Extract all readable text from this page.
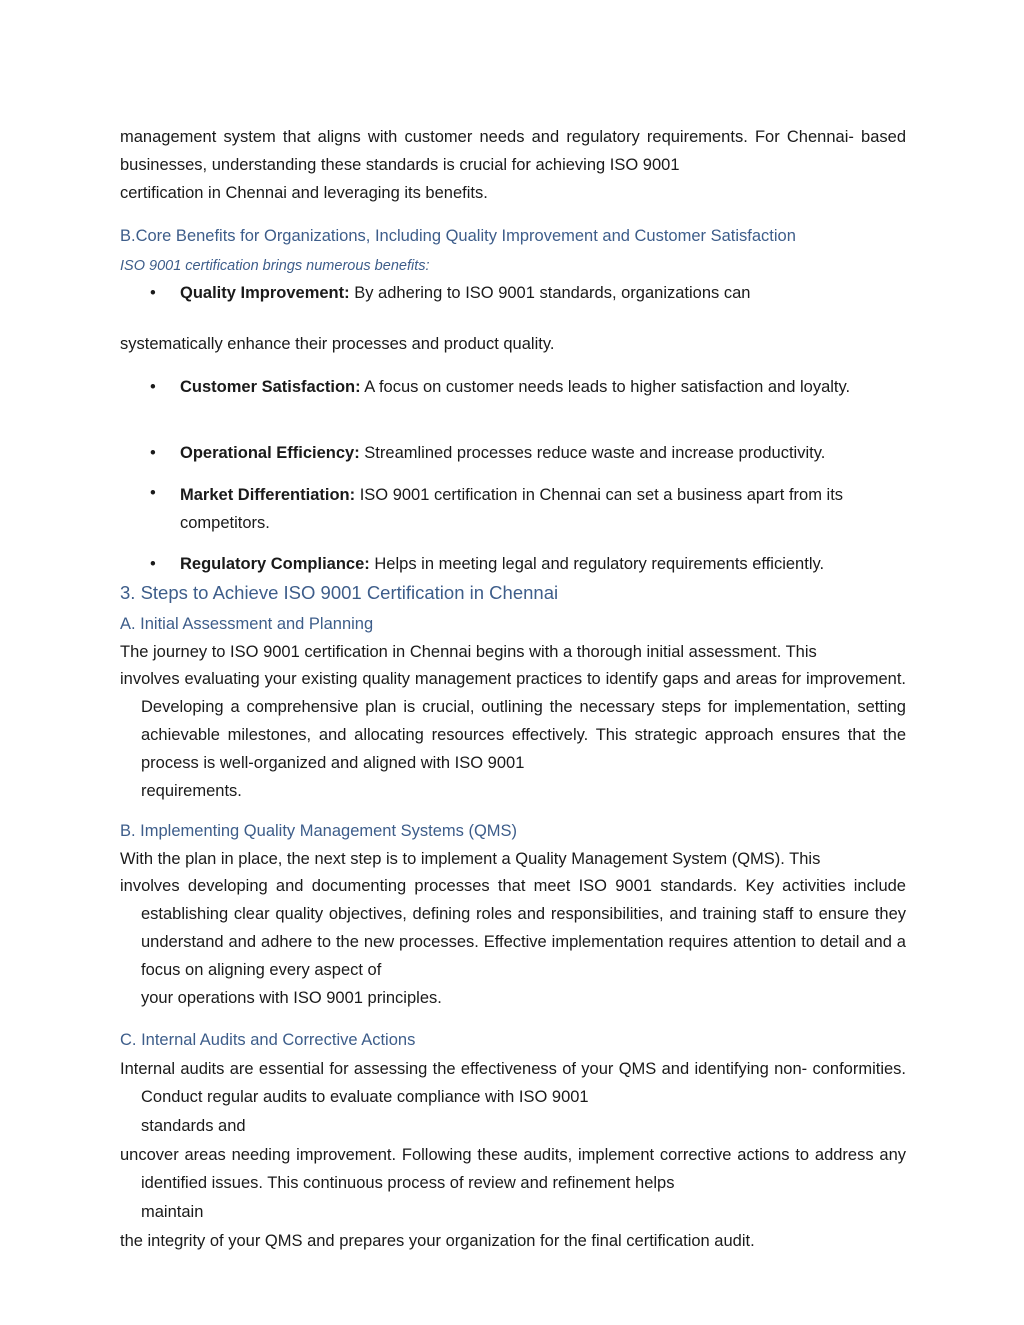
management system that aligns with customer needs and regulatory requirements. For Chennai- based businesses, understanding these standards is crucial for achieving ISO 9001

certification in Chennai and leveraging its benefits.

B.Core Benefits for Organizations, Including Quality Improvement and Customer Satisfaction

ISO 9001 certification brings numerous benefits:

• Quality Improvement: By adhering to ISO 9001 standards, organizations can

systematically enhance their processes and product quality.

• Customer Satisfaction: A focus on customer needs leads to higher satisfaction and loyalty.
• Operational Efficiency: Streamlined processes reduce waste and increase productivity.
• Market Differentiation: ISO 9001 certification in Chennai can set a business apart from its competitors.
• Regulatory Compliance: Helps in meeting legal and regulatory requirements efficiently.

3. Steps to Achieve ISO 9001 Certification in Chennai

A. Initial Assessment and Planning

The journey to ISO 9001 certification in Chennai begins with a thorough initial assessment. This

involves evaluating your existing quality management practices to identify gaps and areas for improvement. Developing a comprehensive plan is crucial, outlining the necessary steps for implementation, setting achievable milestones, and allocating resources effectively. This strategic approach ensures that the process is well-organized and aligned with ISO 9001

requirements.

B. Implementing Quality Management Systems (QMS)

With the plan in place, the next step is to implement a Quality Management System (QMS). This

involves developing and documenting processes that meet ISO 9001 standards. Key activities include establishing clear quality objectives, defining roles and responsibilities, and training staff to ensure they understand and adhere to the new processes. Effective implementation requires attention to detail and a focus on aligning every aspect of

your operations with ISO 9001 principles.

C. Internal Audits and Corrective Actions

Internal audits are essential for assessing the effectiveness of your QMS and identifying non- conformities. Conduct regular audits to evaluate compliance with ISO 9001

standards and

uncover areas needing improvement. Following these audits, implement corrective actions to address any identified issues. This continuous process of review and refinement helps

maintain

the integrity of your QMS and prepares your organization for the final certification audit.
